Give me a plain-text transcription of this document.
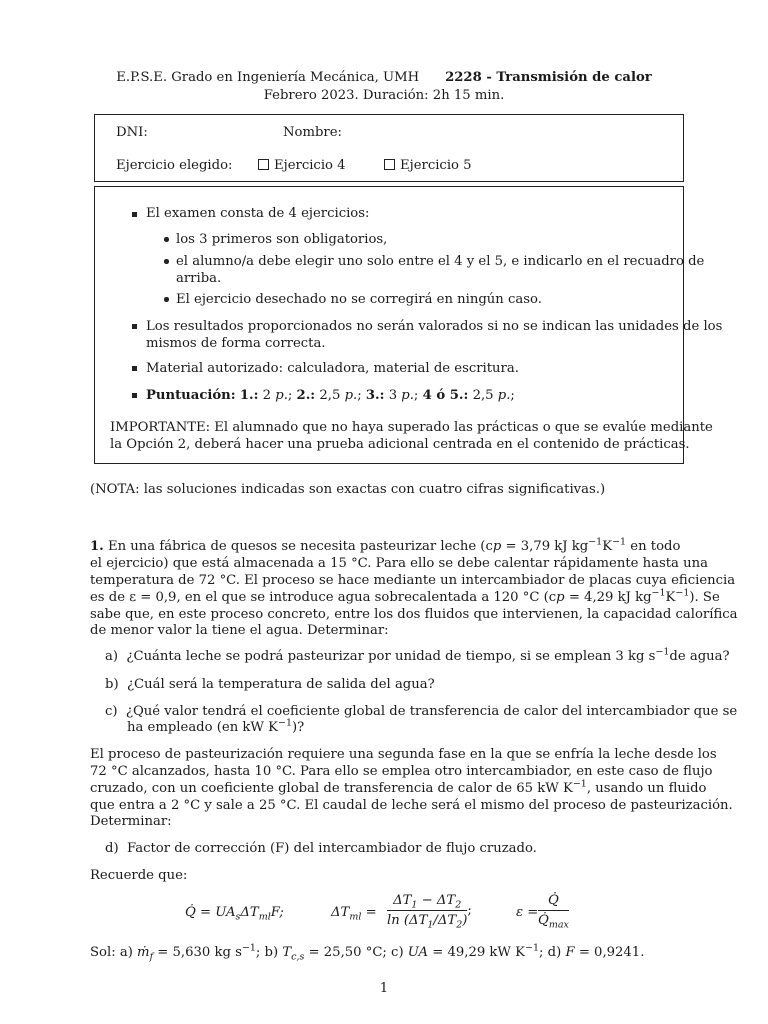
E.P.S.E. Grado en Ingeniería Mecánica, UMH 2228 - Transmisión de calor
Febrero 2023. Duración: 2h 15 min.
DNI:	Nombre:
Ejercicio elegido:	Ejercicio 4	Ejercicio 5
El examen consta de 4 ejercicios:
los 3 primeros son obligatorios,
el alumno/a debe elegir uno solo entre el 4 y el 5, e indicarlo en el recuadro de
arriba.
El ejercicio desechado no se corregirá en ningún caso.
Los resultados proporcionados no serán valorados si no se indican las unidades de los
mismos de forma correcta.
Material autorizado: calculadora, material de escritura.
Puntuación: 1.: 2 p.; 2.: 2,5 p.; 3.: 3 p.; 4 ó 5.: 2,5 p.;
IMPORTANTE: El alumnado que no haya superado las prácticas o que se evalúe mediante
la Opción 2, deberá hacer una prueba adicional centrada en el contenido de prácticas.
(NOTA: las soluciones indicadas son exactas con cuatro cifras significativas.)
1. En una fábrica de quesos se necesita pasteurizar leche (cp = 3,79 kJ $kg^{-1}K^{-1}$ en todo
el ejercicio) que está almacenada a 15 °C. Para ello se debe calentar rápidamente hasta una
temperatura de 72 °C. El proceso se hace mediante un intercambiador de placas cuya eficiencia
es de ε = 0,9, en el que se introduce agua sobrecalentada a 120 °C (cp = 4,29 kJ $kg^{-1}K^{-1}$). Se
sabe que, en este proceso concreto, entre los dos fluidos que intervienen, la capacidad calorífica
de menor valor la tiene el agua. Determinar:
a)  ¿Cuánta leche se podrá pasteurizar por unidad de tiempo, si se emplean 3 kg $s^{-1}de$ agua?
b)  ¿Cuál será la temperatura de salida del agua?
c)  ¿Qué valor tendrá el coeficiente global de transferencia de calor del intercambiador que se
ha empleado (en kW $K^{-1}$)?
El proceso de pasteurización requiere una segunda fase en la que se enfría la leche desde los
72 °C alcanzados, hasta 10 °C. Para ello se emplea otro intercambiador, en este caso de flujo
cruzado, con un coeficiente global de transferencia de calor de 65 kW $K^{-1}$, usando un fluido
que entra a 2 °C y sale a 25 °C. El caudal de leche será el mismo del proceso de pasteurización.
Determinar:
d)  Factor de corrección (F) del intercambiador de flujo cruzado.
Recuerde que:
Q̇ = $UA_s\Delta T_{ml}F$;	$\Delta T_{ml} = \frac{\Delta T_1 - \Delta T_2}{\ln (\Delta T_1/\Delta T_2)}$ ;	$\varepsilon = \frac{Q̇}{Q̇_{max}}$
Sol: a) ṁ$_f$ = 5,630 kg $s^{-1}$; b) $T_{c,s} = 25,50$ °C; c) UA = 49,29 kW $K^{-1}$; d) F = 0,9241.
1
